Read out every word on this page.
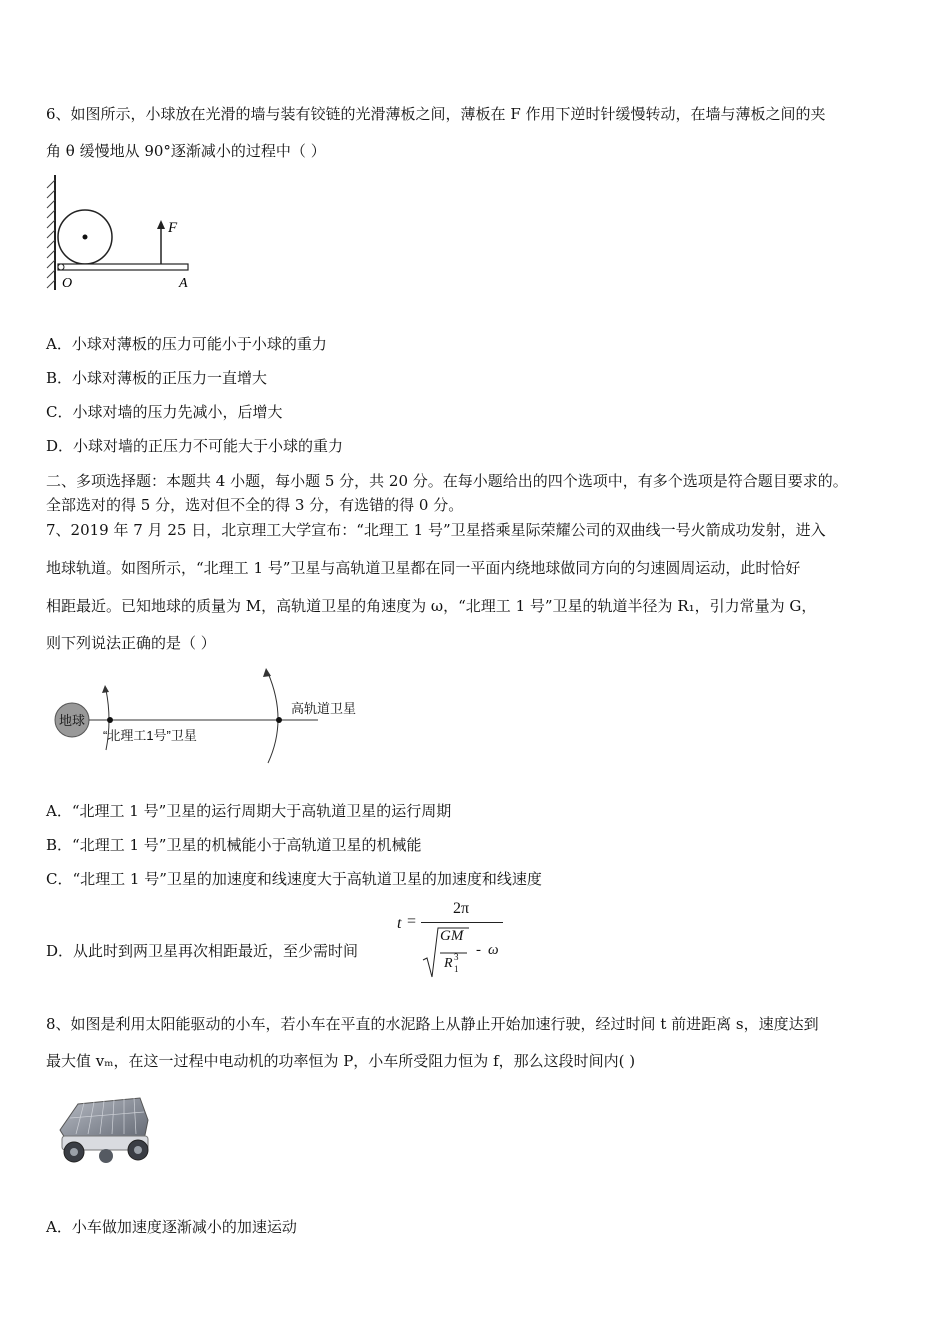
6、如图所示，小球放在光滑的墙与装有铰链的光滑薄板之间，薄板在 F 作用下逆时针缓慢转动，在墙与薄板之间的夹
角 θ 缓慢地从 90°逐渐减小的过程中（ ）
F
O	A
A．小球对薄板的压力可能小于小球的重力
B．小球对薄板的正压力一直增大
C．小球对墙的压力先减小，后增大
D．小球对墙的正压力不可能大于小球的重力
二、多项选择题：本题共 4 小题，每小题 5 分，共 20 分。在每小题给出的四个选项中，有多个选项是符合题目要求的。
全部选对的得 5 分，选对但不全的得 3 分，有选错的得 0 分。
7、2019 年 7 月 25 日，北京理工大学宣布：“北理工 1 号”卫星搭乘星际荣耀公司的双曲线一号火箭成功发射，进入
地球轨道。如图所示，“北理工 1 号”卫星与高轨道卫星都在同一平面内绕地球做同方向的匀速圆周运动，此时恰好
相距最近。已知地球的质量为 M，高轨道卫星的角速度为 ω，“北理工 1 号”卫星的轨道半径为 R₁，引力常量为 G，
则下列说法正确的是（ ）
地球
“北理工1号”卫星
高轨道卫星
A．“北理工 1 号”卫星的运行周期大于高轨道卫星的运行周期
B．“北理工 1 号”卫星的机械能小于高轨道卫星的机械能
C．“北理工 1 号”卫星的加速度和线速度大于高轨道卫星的加速度和线速度
D．从此时到两卫星再次相距最近，至少需时间
t =
2π
GM
R 3
1
- ω
8、如图是利用太阳能驱动的小车，若小车在平直的水泥路上从静止开始加速行驶，经过时间 t 前进距离 s，速度达到
最大值 vₘ，在这一过程中电动机的功率恒为 P，小车所受阻力恒为 f，那么这段时间内( )
A．小车做加速度逐渐减小的加速运动
